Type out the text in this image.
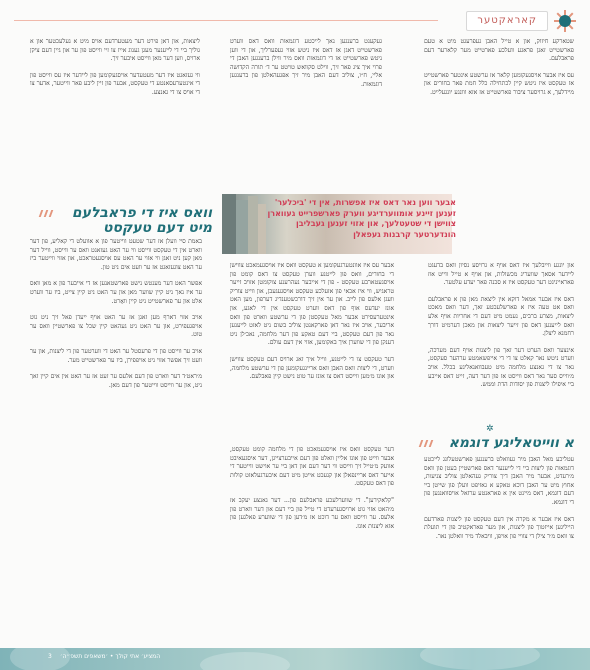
קאראקטער

שטארקע חיזוק, און א טייל האבן געפרעגט מיט א טעם פארשטייט זאגן פראגע וועלכע פארטייט מער קלארער דעם פראבלעם.

עס איז אבער אויסגעקומען קלאר אז ערשטע אינטער פארשטייט אז טעקסט איז ניטש קיין לכתחילה כלל חמת פאר בחורים און מיידלעך, א גרויסער ציבור פארשטייט אז אזא ווונגע יונגעלייט.

געקענט ברענגען נאך לייכטע דוגמאות וואס דאס ווערט פארשטייט דאגן אז דאס איז ניטש אזוי געפערליך, און די ווען ניטש פארשטייט אז די דוגמאות וואס מיר ווילן ברענגען האבן די פרוי איך ציג פאר זיך, ווילט סקוואש טויטט ער ד׳ תורה הקדושה אליי, ח״ו, צוליב דעם האבן מיר זיך אפגעהאלטן פון ברענגען דוגמאות.

ליצאות, און דאן פירט דער מעטערדעם אויס מיט א געלעכטער און א גוליך ביי די לייענער מעגן גענוג אייז צו זיי ווייסט פון ער און גיין דעם ציקן ארויס, ווען דער מאן ווייסט איבער זיך.

ווי געזאגט איז דער מעטעדער אויסגעקומען פון ליידער איז עס ווייסט פון די אינטערעסאנטע די טעקסט, אבער פון זיין ליבע פאר ווייטער, אדער צו די אויס צו די גאנצע.

אבער ווען נאר דאס איז אפשרות, אין די 'ביכלער' זענען זיינע אומווערדיגע ווערק פארשפרייט געווארן צווישן די שטעטלעך, און אזוי זענען געבליבן הונדערטער קרבנות געפאלן
וואס איז די פראבלעם מיט דעם טעקסט

און יונגע ווייבלעך איז דאס אויף א גרויסע נסיון וואס בדעגט ליידער אסאך שוועריג מכשולות, און אויף א טייל ווייט אוז פאראייניגט דער טעקסט איז א סכנה פאר יעדע עלטער.

דאס איז אבער אמאל דוקא אין ליצאת מאן פון א פראבלעם וואס אט טעה איז א פארשלעכטע זאך, דער וואס מאכט ליצאות, מצרע ברבים, נעמט מיט דעם די אחריות אויף אלע וואס לייענען דאס פון זייער ליצאות און מאכן דערמיט דורך רחמנא ליצלן.

אינצער וואס הערט דער זאך פון ליצנות אויף דעם מערכה, ווערט ניטש נאר קאלט צו די די אייפשאמטע ערהער סעקסט, נאר צו די גאנצע מלחמה מיט טעבוואנאליגע בכלל. אויב מ׳ווייס סער נאר דאס ווייסט אז פון דער דעה, זייט דאס אייבע ביי איפילו ליצנות פון יסודות הדת וממש.

✲
א ווייטאליגע דוגמא

עטליכע מאל האבן מיר געוואלט ברענגען פארשטעלונג לייכטע דוגמאות פון ליצות ביי די לייענער דאס פארשטיין בעטן פון וואס מ׳רעדט, אבער מיר האבן דיך צוריק געהאלטן צוליב צניעות, אחוץ מיט ער האבן דוכא טאקע א גאזיפט וועלן פון שייטן ביי דעם דוגמא, דאס מיינט אין א פאראנטע ערזאל אויסוואנגען פון די דוגמא.

דאס איז אבער א מקרה אין דעם טעקסט פון ליצנות פארדעם הייליגען אייזטוך פון ליצנות, און מער פאראקטיב פון די תועלת צו וואס מ׳ר צילן די צוויי פון אויפן, וויבאלד מיר וואלטן נאר.

אבער עס איז אוונטערגעקומען א טעקסט וואס איז אויסגעמאכט צווישן די בחורים, וואס פון לייטנע ווערן טעקסט צו דאס קומט פון אויסגעטארבע טעקסט - פון די אייבער נעהרענע צוקומטן אזויב זייער טראגיש, ווי איז אכאי פון אזעלכע טעקסט אויסגעגעבן, און ווייט צוריק וועגן אלעס פון לייב. און ער אין זיך דורכשטענדיג דערפון, מען האט אונז יעדעס אוף פון דאס ווערט טעקסט אין די לאגע, און אינטערעסירט אבער מאל טעקסטן פון די ערשטע ווארט פון וואס אריבער, אויב איז נאר דאן פארקאנטן צוליב בשום ניט לאזט לייענען נאר פון דעם טעקסט, ביי דעם טאקע פון דער מלחמה, נאכ׳לן ניט דענקן פון די שווערן איך באקומען, אזוי אין דעם עולם.

דער טעקסט צו די לייטנע, ווייל איך זאג ארויס דעם טעקסט צווישן ווערט, די ליצות וואס האבן וואס אריינגעקומען פון די ערשטע מלחמה, און אונז מ׳מען ווייסט דאס צו אונז ער טוט נישט קיין פאבלעם.

דער טעקסט וואס איז אויסגעמאכט פון די מלחמה קומט טעקסט, אבער ווייט פון אונז אליין וואלט פון דעם אייבערצייגן, דער איסגעאיבט אוועק מ׳טייל זיך ווייסט ווי דער דעם און דאן ביי ער אוישט ווייטער די אייער דאס אריינפאלן און קנעכט אייטן מיט דעם איבערגעלאזט קולות פון דאס טעקסט.

"קלאקירען". די שווערלעכע פראבלעם פון... דער גאנצע יעקב אז מ׳האט אזוי גוט ארויסגערעדט די טייל פון ביי דעם און דער ווארט פון אלעס. ער ווייסט וואס ער דוכט אז מ׳דען פון די שווערע פאלגען פון אזא ליצנות אונז.

באמת סיי וועלן אז דער שטעט ווייטער פון א אוועלט די קאליע, פון דער ווארט אין די טעקסט ווייסט ווי ער האט געזאגט וואס ער ווייסט, ווייל דער מאן קען ניט זאגן ווי אזוי ער האט עס אויסגעטראכט, און אזוי ווייטער ביז ער האט צוגעזאגט אז ער וועט אים ניט טון.

אפשר האט דער מענטש נישט פארשטאנען אז די אייבער פון א מאן וואס ער איז נאך ניט קיין שווער מאן און ער האט ניט קיין צייט, ביז ער ווערט אלט און ער פארשטייט ניט קיין וואָרט.

אויב אזוי דארף מען זאגן אז ער האט אויף ייעדן פאל זיך ניט גוט אויפגעפירט, און ער האט ניט געהאט קיין שכל צו פארשטיין וואס ער טוט.

אויב ער ווייסט פון די פרעסטל ער האט די ווערטער פון די ליצנות, און ער וועט זיך אפשר אזוי ניט אויפפירן, ביז ער פארשטייט מער.

מ׳ראט׳ד דער ווארט פון דעם אלעס ער זעט אז ער האט אין אים קיין זאך ניט, און ער ווייסט ווייטער פון דעם מאן.

3 המציע׳ אתי קולך • ׳משאפים תשפ״ה׳
